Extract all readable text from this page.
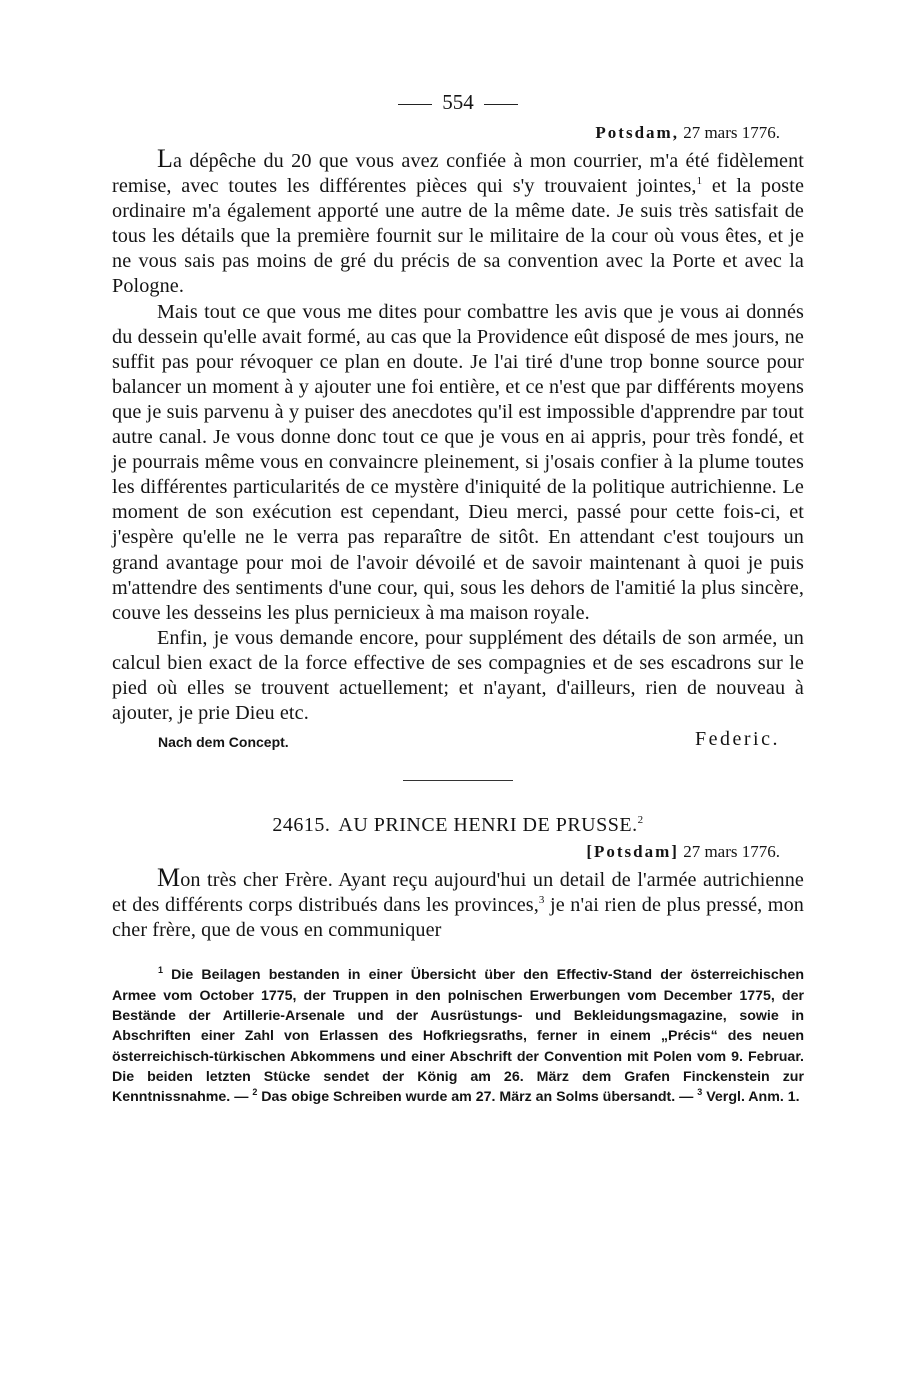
554
Potsdam, 27 mars 1776.

La dépêche du 20 que vous avez confiée à mon courrier, m'a été fidèlement remise, avec toutes les différentes pièces qui s'y trouvaient jointes,$^1$ et la poste ordinaire m'a également apporté une autre de la même date. Je suis très satisfait de tous les détails que la première fournit sur le militaire de la cour où vous êtes, et je ne vous sais pas moins de gré du précis de sa convention avec la Porte et avec la Pologne.

Mais tout ce que vous me dites pour combattre les avis que je vous ai donnés du dessein qu'elle avait formé, au cas que la Providence eût disposé de mes jours, ne suffit pas pour révoquer ce plan en doute. Je l'ai tiré d'une trop bonne source pour balancer un moment à y ajouter une foi entière, et ce n'est que par différents moyens que je suis parvenu à y puiser des anecdotes qu'il est impossible d'apprendre par tout autre canal. Je vous donne donc tout ce que je vous en ai appris, pour très fondé, et je pourrais même vous en convaincre pleinement, si j'osais confier à la plume toutes les différentes particularités de ce mystère d'iniquité de la politique autrichienne. Le moment de son exécution est cependant, Dieu merci, passé pour cette fois-ci, et j'espère qu'elle ne le verra pas reparaître de sitôt. En attendant c'est toujours un grand avantage pour moi de l'avoir dévoilé et de savoir maintenant à quoi je puis m'attendre des sentiments d'une cour, qui, sous les dehors de l'amitié la plus sincère, couve les desseins les plus pernicieux à ma maison royale.

Enfin, je vous demande encore, pour supplément des détails de son armée, un calcul bien exact de la force effective de ses compagnies et de ses escadrons sur le pied où elles se trouvent actuellement; et n'ayant, d'ailleurs, rien de nouveau à ajouter, je prie Dieu etc.

Nach dem Concept.	Federic.
24615. AU PRINCE HENRI DE PRUSSE.$^2$
[Potsdam] 27 mars 1776.

Mon très cher Frère. Ayant reçu aujourd'hui un detail de l'armée autrichienne et des différents corps distribués dans les provinces,$^3$ je n'ai rien de plus pressé, mon cher frère, que de vous en communiquer

$^1$ Die Beilagen bestanden in einer Übersicht über den Effectiv-Stand der österreichischen Armee vom October 1775, der Truppen in den polnischen Erwerbungen vom December 1775, der Bestände der Artillerie-Arsenale und der Ausrüstungs- und Bekleidungsmagazine, sowie in Abschriften einer Zahl von Erlassen des Hofkriegsraths, ferner in einem „Précis“ des neuen österreichisch-türkischen Abkommens und einer Abschrift der Convention mit Polen vom 9. Februar. Die beiden letzten Stücke sendet der König am 26. März dem Grafen Finckenstein zur Kenntnissnahme. — $^2$ Das obige Schreiben wurde am 27. März an Solms übersandt. — $^3$ Vergl. Anm. 1.
